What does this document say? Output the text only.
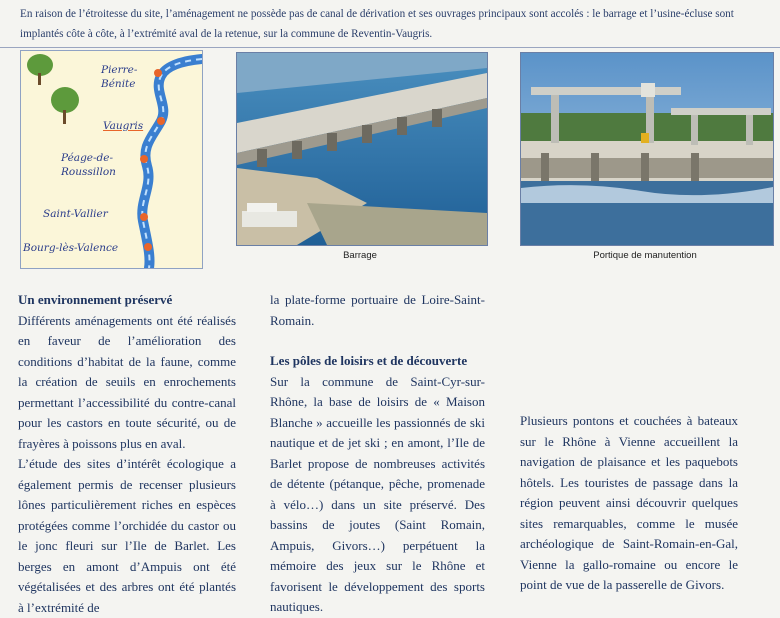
En raison de l’étroitesse du site, l’aménagement ne possède pas de canal de dérivation et ses ouvrages principaux sont accolés : le barrage et l’usine-écluse sont implantés côte à côte, à l’extrémité aval de la retenue, sur la commune de Reventin-Vaugris.
Pierre-Bénite
Vaugris
Péage-de-Roussillon
Saint-Vallier
Bourg-lès-Valence
Barrage	Portique de manutention
Un environnement préservé

Différents aménagements ont été réalisés en faveur de l’amélioration des conditions d’habitat de la faune, comme la création de seuils en enrochements permettant l’accessibilité du contre-canal pour les castors en toute sécurité, ou de frayères à poissons plus en aval.

L’étude des sites d’intérêt écologique a également permis de recenser plusieurs lônes particulièrement riches en espèces protégées comme l’orchidée du castor ou le jonc fleuri sur l’Ile de Barlet. Les berges en amont d’Ampuis ont été végétalisées et des arbres ont été plantés à l’extrémité de

la plate-forme portuaire de Loire-Saint-Romain.

Les pôles de loisirs et de découverte

Sur la commune de Saint-Cyr-sur-Rhône, la base de loisirs de « Maison Blanche » accueille les passionnés de ski nautique et de jet ski ; en amont, l’Ile de Barlet propose de nombreuses activités de détente (pétanque, pêche, promenade à vélo…) dans un site préservé. Des bassins de joutes (Saint Romain, Ampuis, Givors…) perpétuent la mémoire des jeux sur le Rhône et favorisent le développement des sports nautiques.

Plusieurs pontons et couchées à bateaux sur le Rhône à Vienne accueillent la navigation de plaisance et les paquebots hôtels. Les touristes de passage dans la région peuvent ainsi découvrir quelques sites remarquables, comme le musée archéologique de Saint-Romain-en-Gal, Vienne la gallo-romaine ou encore le point de vue de la passerelle de Givors.
